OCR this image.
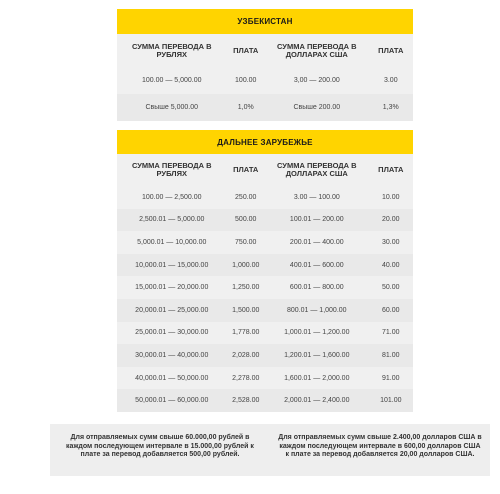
УЗБЕКИСТАН
СУММА ПЕРЕВОДА В РУБЛЯХ	ПЛАТА	СУММА ПЕРЕВОДА В ДОЛЛАРАХ США	ПЛАТА
100.00 — 5,000.00	100.00	3,00 — 200.00	3.00
Свыше 5,000.00	1,0%	Свыше 200.00	1,3%
ДАЛЬНЕЕ ЗАРУБЕЖЬЕ
СУММА ПЕРЕВОДА В РУБЛЯХ	ПЛАТА	СУММА ПЕРЕВОДА В ДОЛЛАРАХ США	ПЛАТА
100.00 — 2,500.00	250.00	3.00 — 100.00	10.00
2,500.01 — 5,000.00	500.00	100.01 — 200.00	20.00
5,000.01 — 10,000.00	750.00	200.01 — 400.00	30.00
10,000.01 — 15,000.00	1,000.00	400.01 — 600.00	40.00
15,000.01 — 20,000.00	1,250.00	600.01 — 800.00	50.00
20,000.01 — 25,000.00	1,500.00	800.01 — 1,000.00	60.00
25,000.01 — 30,000.00	1,778.00	1,000.01 — 1,200.00	71.00
30,000.01 — 40,000.00	2,028.00	1,200.01 — 1,600.00	81.00
40,000.01 — 50,000.00	2,278.00	1,600.01 — 2,000.00	91.00
50,000.01 — 60,000.00	2,528.00	2,000.01 — 2,400.00	101.00
Для отправляемых сумм свыше 60.000,00 рублей в каждом последующем интервале в 15.000,00 рублей к плате за перевод добавляется 500,00 рублей.
Для отправляемых сумм свыше 2.400,00 долларов США в каждом последующем интервале в 600,00 долларов США к плате за перевод добавляется 20,00 долларов США.
